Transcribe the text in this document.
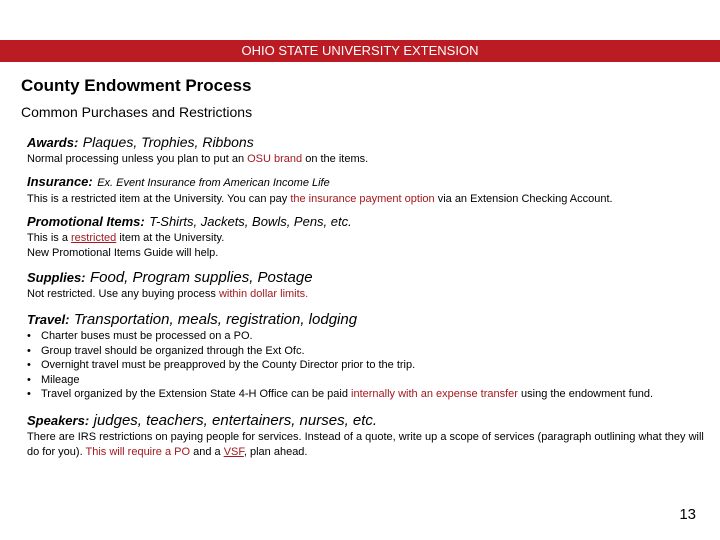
OHIO STATE UNIVERSITY EXTENSION
County Endowment Process
Common Purchases and Restrictions
Awards: Plaques, Trophies, Ribbons
Normal processing unless you plan to put an OSU brand on the items.
Insurance: Ex. Event Insurance from American Income Life
This is a restricted item at the University. You can pay the insurance payment option via an Extension Checking Account.
Promotional Items: T-Shirts, Jackets, Bowls, Pens, etc.
This is a restricted item at the University.
New Promotional Items Guide will help.
Supplies: Food, Program supplies, Postage
Not restricted. Use any buying process within dollar limits.
Travel: Transportation, meals, registration, lodging
• Charter buses must be processed on a PO.
• Group travel should be organized through the Ext Ofc.
• Overnight travel must be preapproved by the County Director prior to the trip.
• Mileage
• Travel organized by the Extension State 4-H Office can be paid internally with an expense transfer using the endowment fund.
Speakers: judges, teachers, entertainers, nurses, etc.
There are IRS restrictions on paying people for services. Instead of a quote, write up a scope of services (paragraph outlining what they will do for you). This will require a PO and a VSF, plan ahead.
13
